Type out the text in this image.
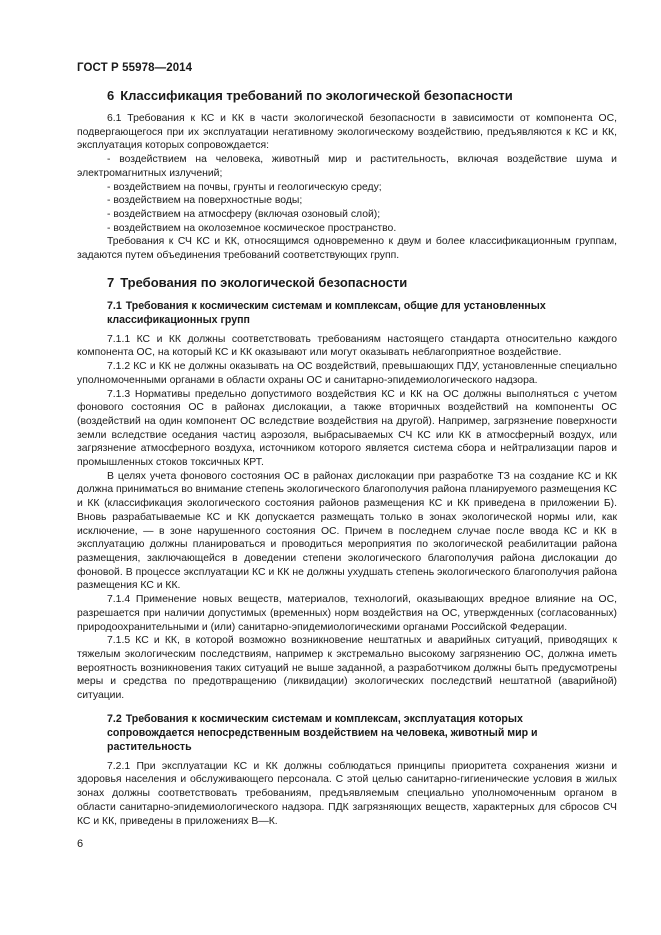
ГОСТ Р 55978—2014
6 Классификация требований по экологической безопасности

6.1 Требования к КС и КК в части экологической безопасности в зависимости от компонента ОС, подвергающегося при их эксплуатации негативному экологическому воздействию, предъявляются к КС и КК, эксплуатация которых сопровождается:

- воздействием на человека, животный мир и растительность, включая воздействие шума и электромагнитных излучений;

- воздействием на почвы, грунты и геологическую среду;

- воздействием на поверхностные воды;

- воздействием на атмосферу (включая озоновый слой);

- воздействием на околоземное космическое пространство.

Требования к СЧ КС и КК, относящимся одновременно к двум и более классификационным группам, задаются путем объединения требований соответствующих групп.

7 Требования по экологической безопасности
7.1 Требования к космическим системам и комплексам, общие для установленных классификационных групп

7.1.1 КС и КК должны соответствовать требованиям настоящего стандарта относительно каждого компонента ОС, на который КС и КК оказывают или могут оказывать неблагоприятное воздействие.

7.1.2 КС и КК не должны оказывать на ОС воздействий, превышающих ПДУ, установленные специально уполномоченными органами в области охраны ОС и санитарно-эпидемиологического надзора.

7.1.3 Нормативы предельно допустимого воздействия КС и КК на ОС должны выполняться с учетом фонового состояния ОС в районах дислокации, а также вторичных воздействий на компоненты ОС (воздействий на один компонент ОС вследствие воздействия на другой). Например, загрязнение поверхности земли вследствие оседания частиц аэрозоля, выбрасываемых СЧ КС или КК в атмосферный воздух, или загрязнение атмосферного воздуха, источником которого является система сбора и нейтрализации паров и промышленных стоков токсичных КРТ.

В целях учета фонового состояния ОС в районах дислокации при разработке ТЗ на создание КС и КК должна приниматься во внимание степень экологического благополучия района планируемого размещения КС и КК (классификация экологического состояния районов размещения КС и КК приведена в приложении Б). Вновь разрабатываемые КС и КК допускается размещать только в зонах экологической нормы или, как исключение, — в зоне нарушенного состояния ОС. Причем в последнем случае после ввода КС и КК в эксплуатацию должны планироваться и проводиться мероприятия по экологической реабилитации района размещения, заключающейся в доведении степени экологического благополучия района дислокации до фоновой. В процессе эксплуатации КС и КК не должны ухудшать степень экологического благополучия района размещения КС и КК.

7.1.4 Применение новых веществ, материалов, технологий, оказывающих вредное влияние на ОС, разрешается при наличии допустимых (временных) норм воздействия на ОС, утвержденных (согласованных) природоохранительными и (или) санитарно-эпидемиологическими органами Российской Федерации.

7.1.5 КС и КК, в которой возможно возникновение нештатных и аварийных ситуаций, приводящих к тяжелым экологическим последствиям, например к экстремально высокому загрязнению ОС, должна иметь вероятность возникновения таких ситуаций не выше заданной, а разработчиком должны быть предусмотрены меры и средства по предотвращению (ликвидации) экологических последствий нештатной (аварийной) ситуации.

7.2 Требования к космическим системам и комплексам, эксплуатация которых сопровождается непосредственным воздействием на человека, животный мир и растительность

7.2.1 При эксплуатации КС и КК должны соблюдаться принципы приоритета сохранения жизни и здоровья населения и обслуживающего персонала. С этой целью санитарно-гигиенические условия в жилых зонах должны соответствовать требованиям, предъявляемым специально уполномоченным органом в области санитарно-эпидемиологического надзора. ПДК загрязняющих веществ, характерных для сбросов СЧ КС и КК, приведены в приложениях В—К.

6
